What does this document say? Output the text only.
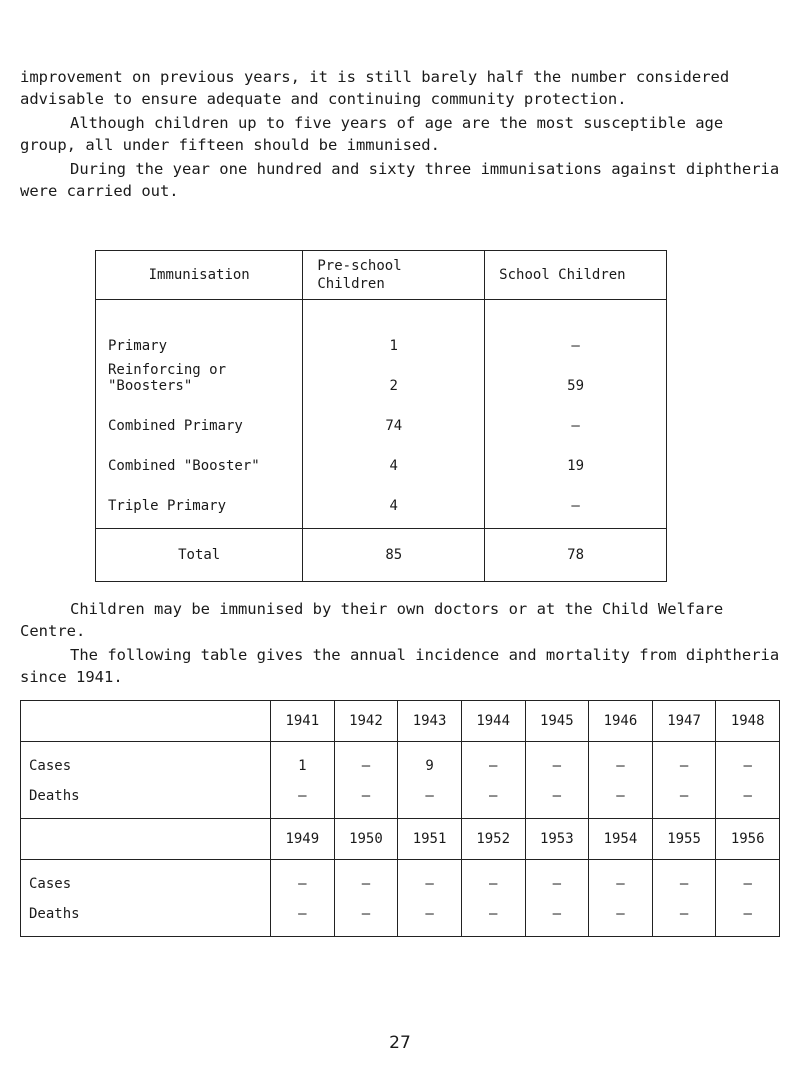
improvement on previous years, it is still barely half the number considered advisable to ensure adequate and continuing community protection.

Although children up to five years of age are the most susceptible age group, all under fifteen should be immunised.

During the year one hundred and sixty three immunisations against diphtheria were carried out.

Immunisation	Pre-school Children	School Children
Primary	1	–
Reinforcing or "Boosters"	2	59
Combined Primary	74	–
Combined "Booster"	4	19
Triple Primary	4	–
Total	85	78

Children may be immunised by their own doctors or at the Child Welfare Centre.

The following table gives the annual incidence and mortality from diphtheria since 1941.

	1941	1942	1943	1944	1945	1946	1947	1948
Cases	1	–	9	–	–	–	–	–
Deaths	–	–	–	–	–	–	–	–
	1949	1950	1951	1952	1953	1954	1955	1956
Cases	–	–	–	–	–	–	–	–
Deaths	–	–	–	–	–	–	–	–
27
